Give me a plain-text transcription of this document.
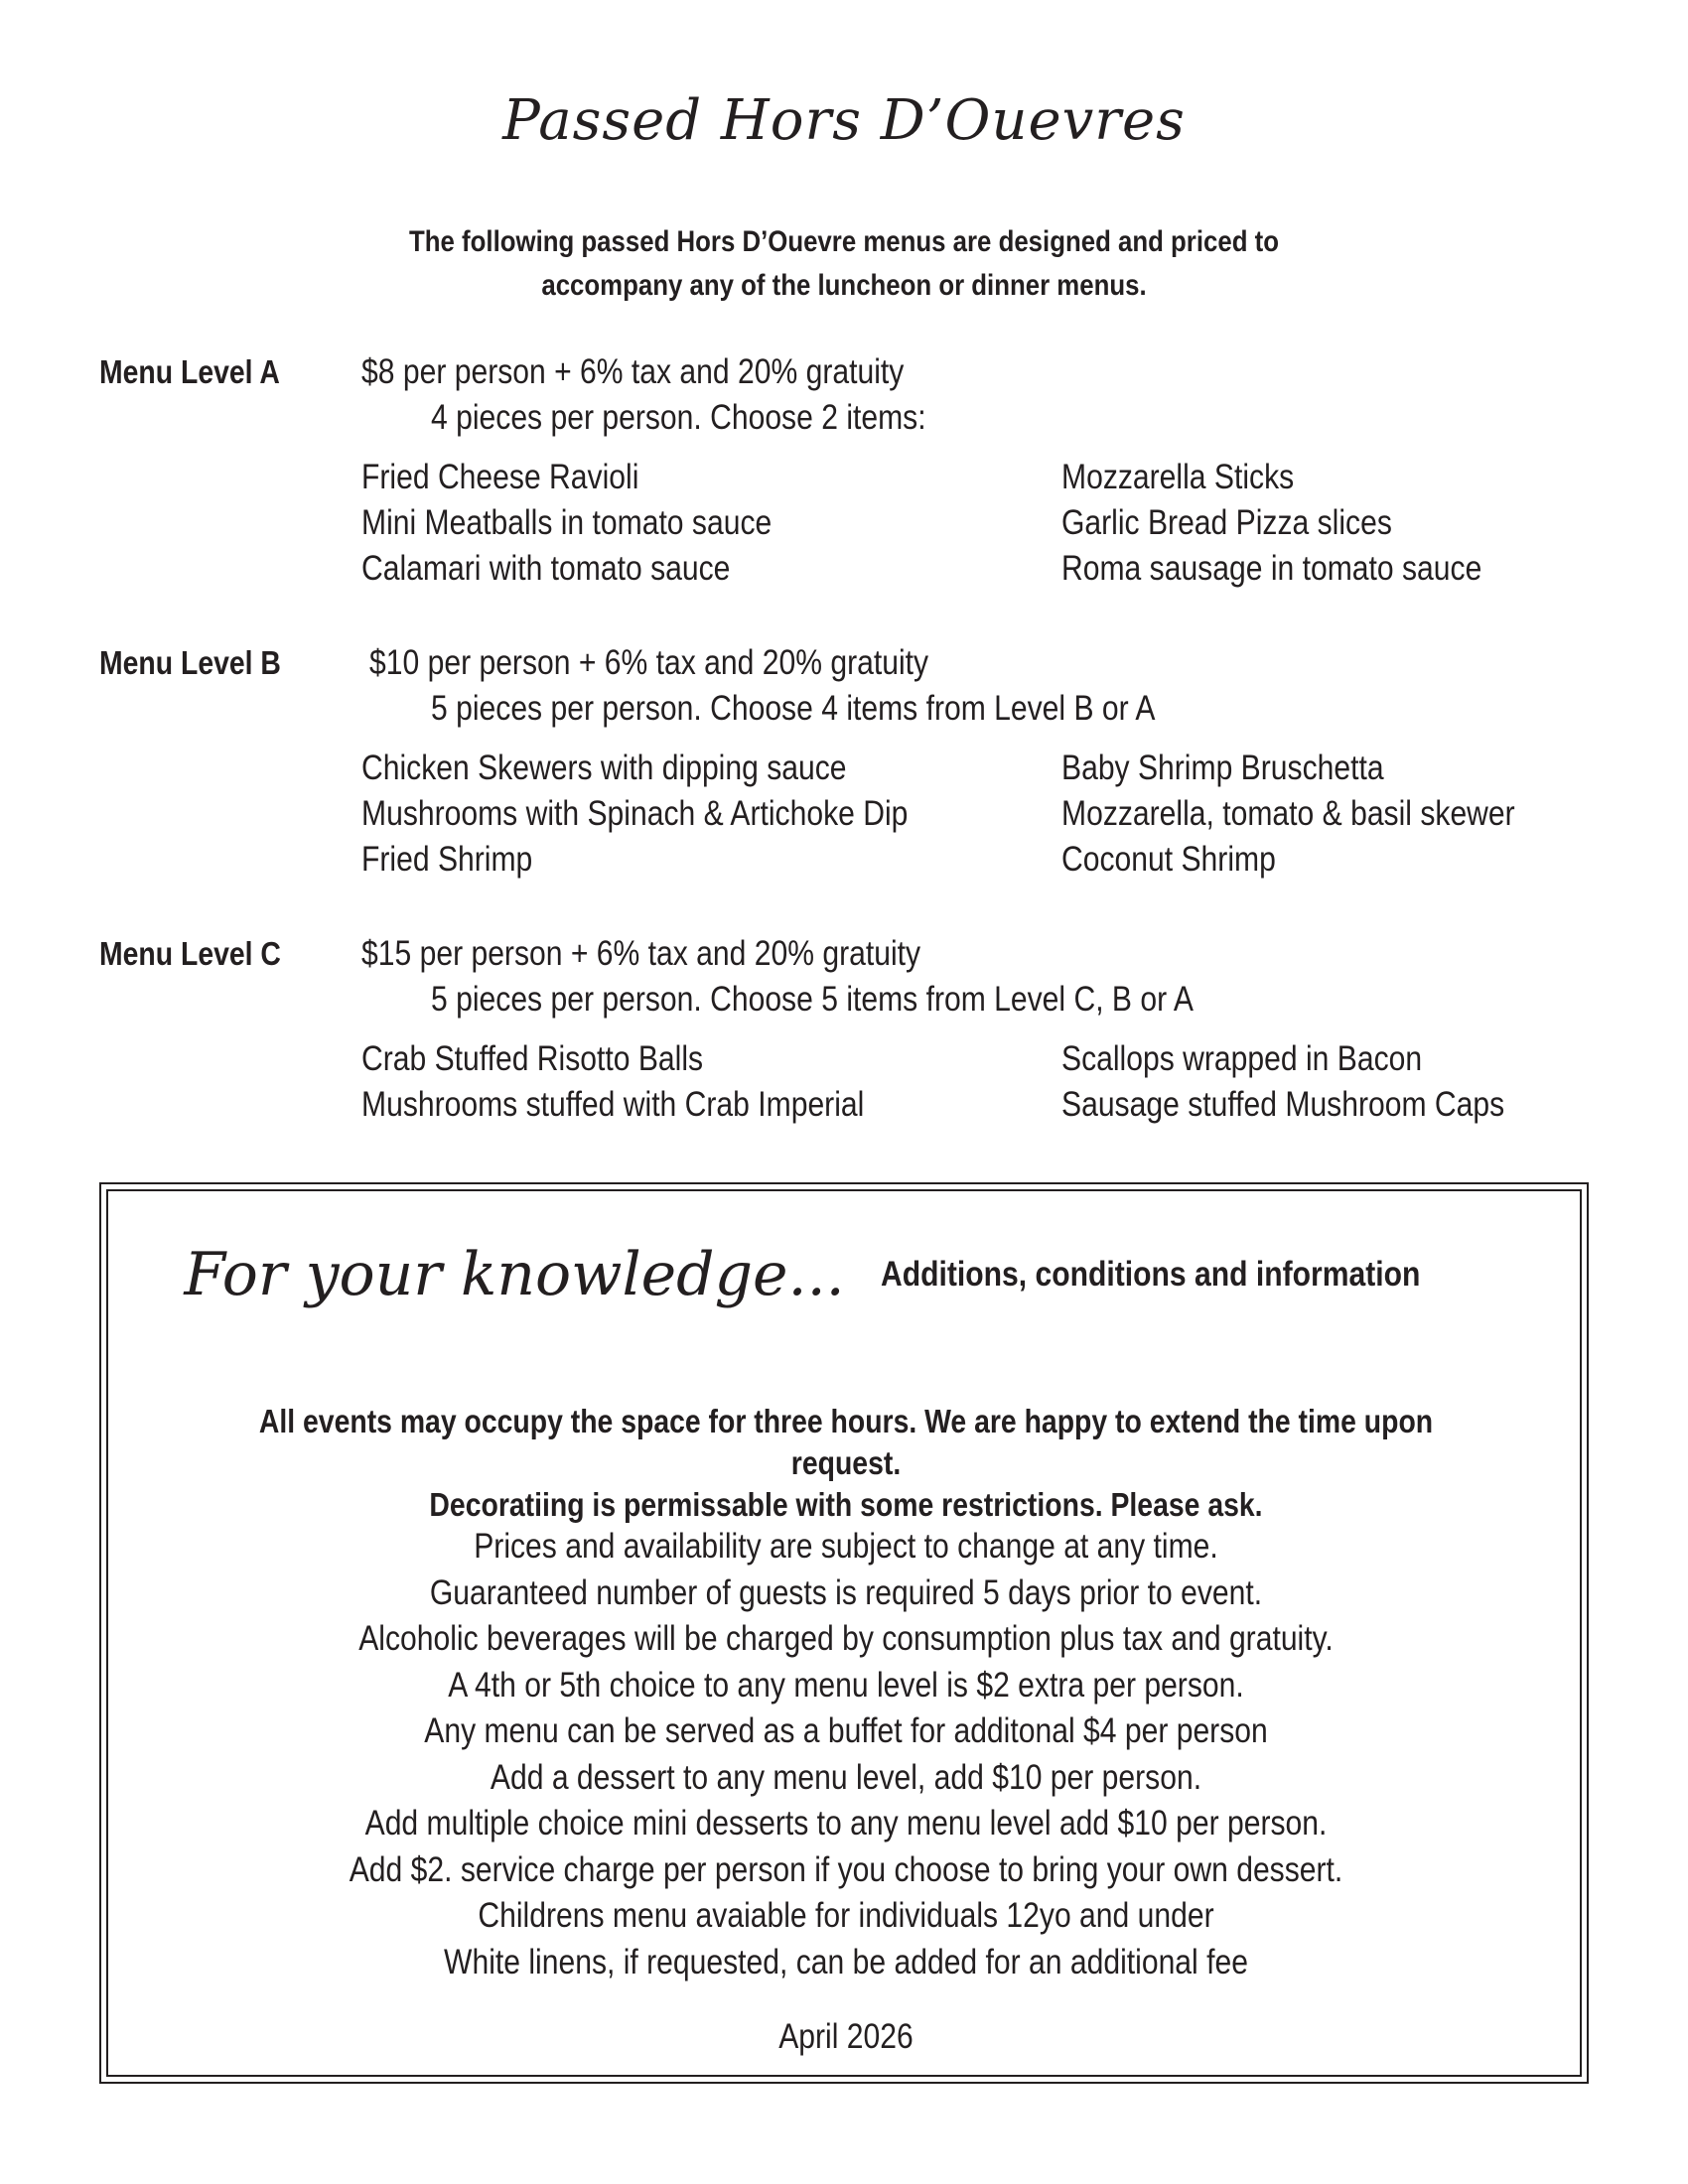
Passed Hors D’Ouevres
The following passed Hors D’Ouevre menus are designed and priced to
accompany any of the luncheon or dinner menus.
Menu Level A $8 per person + 6% tax and 20% gratuity
4 pieces per person. Choose 2 items:
Fried Cheese Ravioli
Mini Meatballs in tomato sauce
Calamari with tomato sauce
Mozzarella Sticks
Garlic Bread Pizza slices
Roma sausage in tomato sauce
Menu Level B	$10 per person + 6% tax and 20% gratuity
5 pieces per person. Choose 4 items from Level B or A
Chicken Skewers with dipping sauce
Mushrooms with Spinach & Artichoke Dip
Fried Shrimp
Baby Shrimp Bruschetta
Mozzarella, tomato & basil skewer
Coconut Shrimp
Menu Level C $15 per person + 6% tax and 20% gratuity
5 pieces per person. Choose 5 items from Level C, B or A
Crab Stuffed Risotto Balls
Mushrooms stuffed with Crab Imperial
Scallops wrapped in Bacon
Sausage stuffed Mushroom Caps
For your knowledge... Additions, conditions and information
All events may occupy the space for three hours. We are happy to extend the time upon request.
Decoratiing is permissable with some restrictions. Please ask.
Prices and availability are subject to change at any time.
Guaranteed number of guests is required 5 days prior to event.
Alcoholic beverages will be charged by consumption plus tax and gratuity.
A 4th or 5th choice to any menu level is $2 extra per person.
Any menu can be served as a buffet for additonal $4 per person
Add a dessert to any menu level, add $10 per person.
Add multiple choice mini desserts to any menu level add $10 per person.
Add $2. service charge per person if you choose to bring your own dessert.
Childrens menu avaiable for individuals 12yo and under
White linens, if requested, can be added for an additional fee
April 2026
